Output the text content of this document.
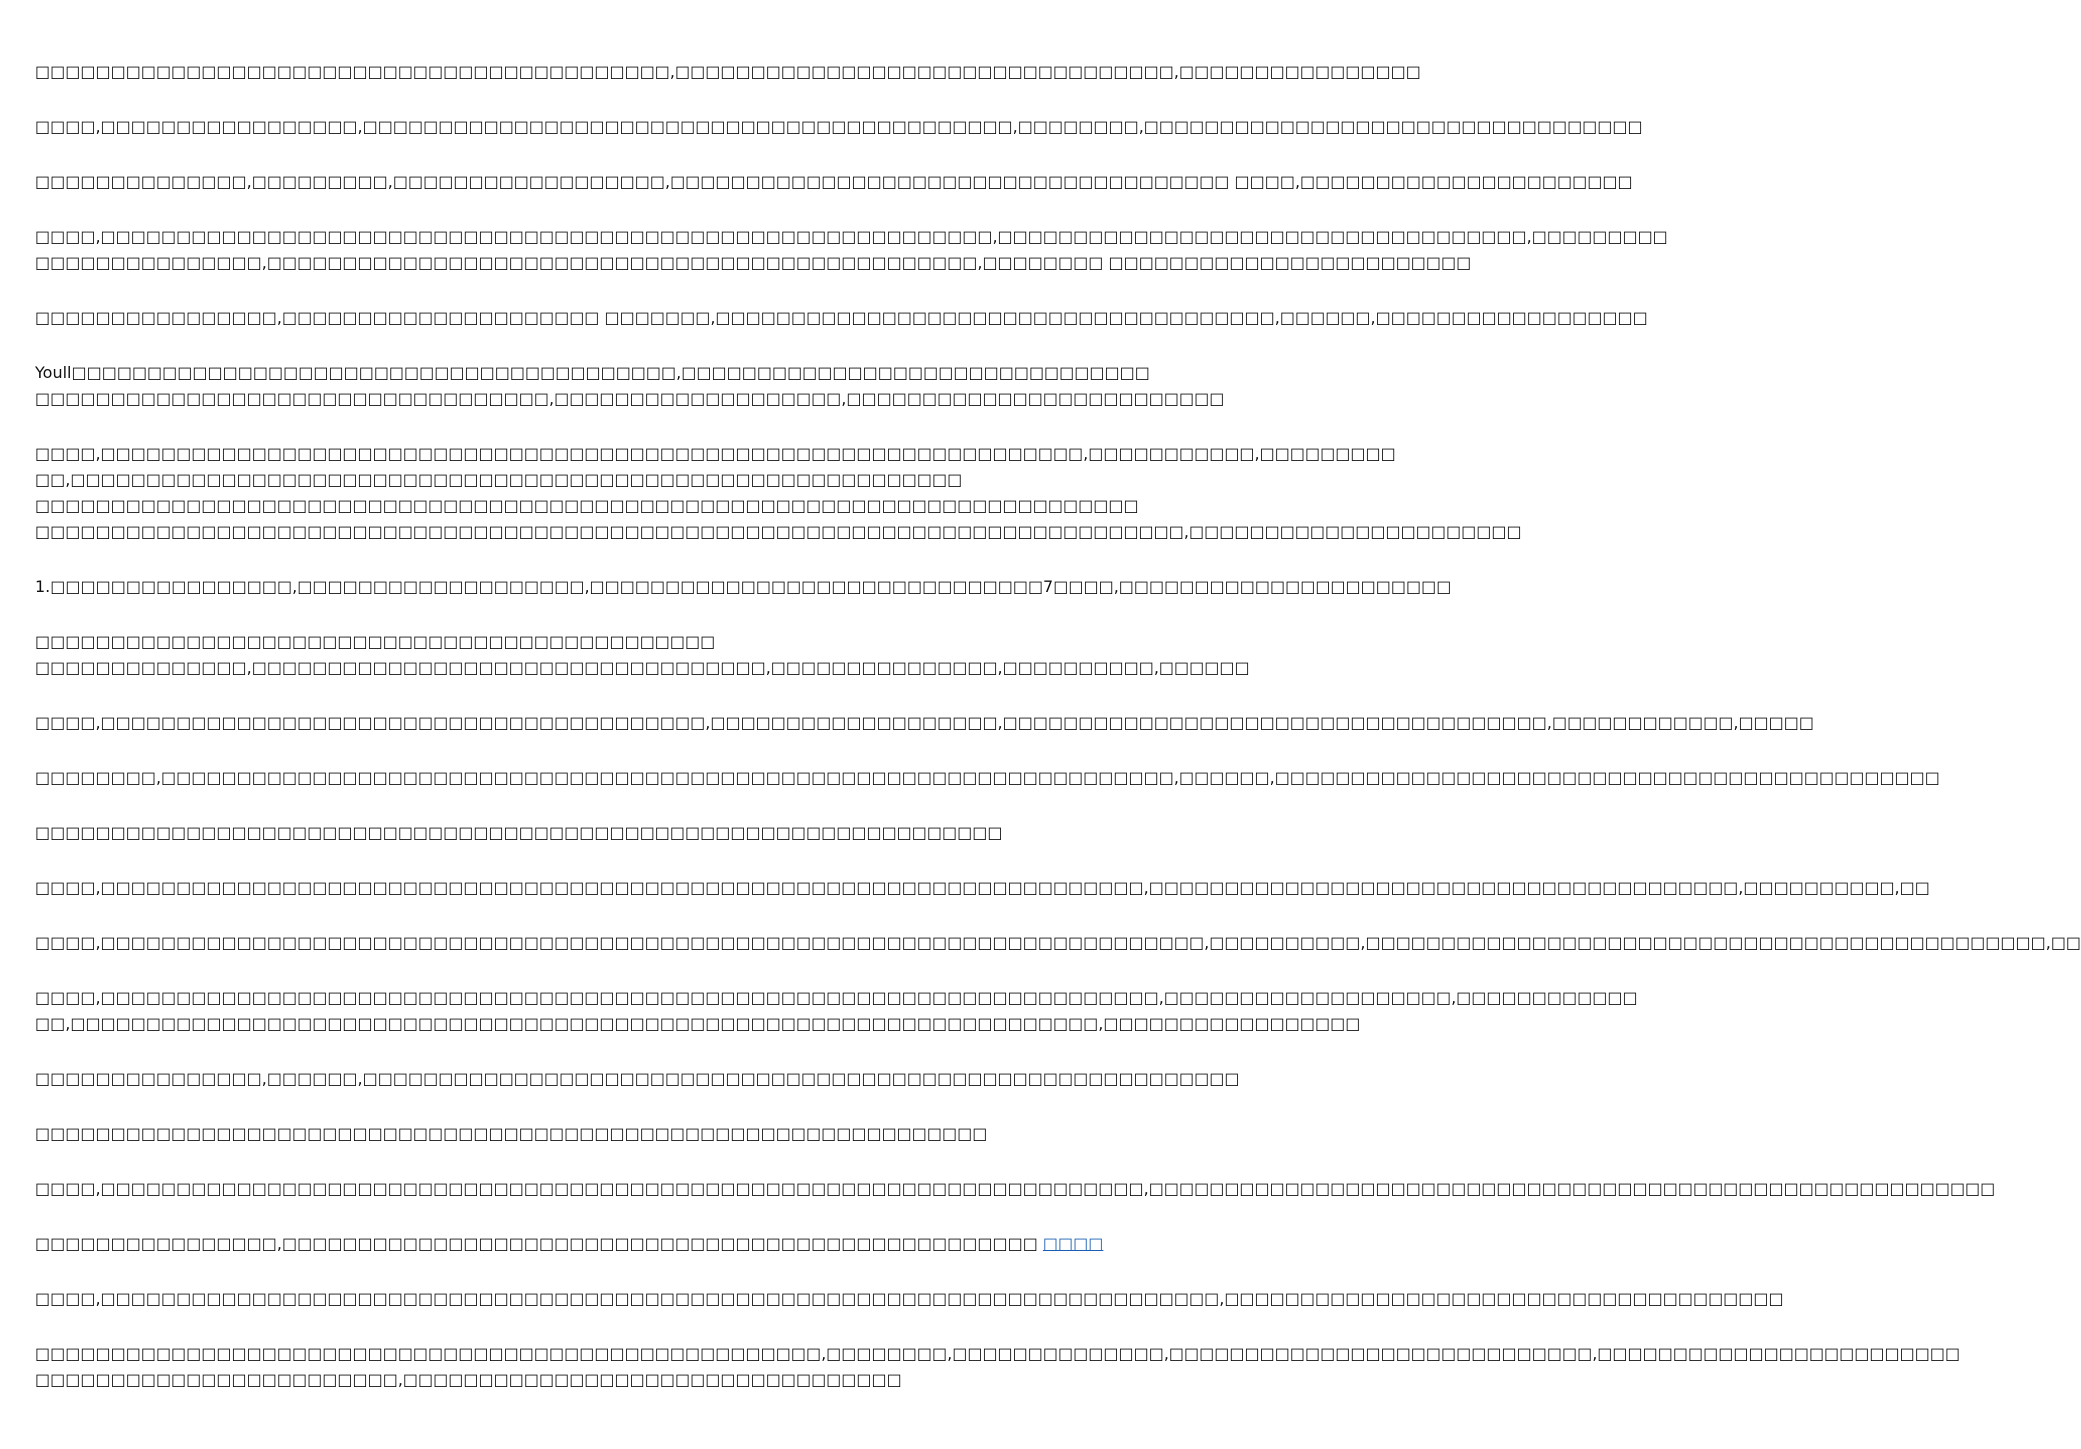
□□□□□□□□□□□□□□□□□□□□□□□□□□□□□□□□□□□□□□□□□□,□□□□□□□□□□□□□□□□□□□□□□□□□□□□□□□□□,□□□□□□□□□□□□□□□□

□□□□,□□□□□□□□□□□□□□□□□,□□□□□□□□□□□□□□□□□□□□□□□□□□□□□□□□□□□□□□□□□□□,□□□□□□□□,□□□□□□□□□□□□□□□□□□□□□□□□□□□□□□□□□

□□□□□□□□□□□□□□,□□□□□□□□□,□□□□□□□□□□□□□□□□□□,□□□□□□□□□□□□□□□□□□□□□□□□□□□□□□□□□□□□□ □□□□,□□□□□□□□□□□□□□□□□□□□□□

□□□□,□□□□□□□□□□□□□□□□□□□□□□□□□□□□□□□□□□□□□□□□□□□□□□□□□□□□□□□□□□□,□□□□□□□□□□□□□□□□□□□□□□□□□□□□□□□□□□□,□□□□□□□□□
□□□□□□□□□□□□□□□,□□□□□□□□□□□□□□□□□□□□□□□□□□□□□□□□□□□□□□□□□□□□□□□,□□□□□□□□ □□□□□□□□□□□□□□□□□□□□□□□□

□□□□□□□□□□□□□□□□,□□□□□□□□□□□□□□□□□□□□□ □□□□□□□,□□□□□□□□□□□□□□□□□□□□□□□□□□□□□□□□□□□□□,□□□□□□,□□□□□□□□□□□□□□□□□□

Youll□□□□□□□□□□□□□□□□□□□□□□□□□□□□□□□□□□□□□□□□,□□□□□□□□□□□□□□□□□□□□□□□□□□□□□□□
□□□□□□□□□□□□□□□□□□□□□□□□□□□□□□□□□□,□□□□□□□□□□□□□□□□□□□,□□□□□□□□□□□□□□□□□□□□□□□□□

□□□□,□□□□□□□□□□□□□□□□□□□□□□□□□□□□□□□□□□□□□□□□□□□□□□□□□□□□□□□□□□□□□□□□□,□□□□□□□□□□□,□□□□□□□□□
□□,□□□□□□□□□□□□□□□□□□□□□□□□□□□□□□□□□□□□□□□□□□□□□□□□□□□□□□□□□□□
□□□□□□□□□□□□□□□□□□□□□□□□□□□□□□□□□□□□□□□□□□□□□□□□□□□□□□□□□□□□□□□□□□□□□□□□□
□□□□□□□□□□□□□□□□□□□□□□□□□□□□□□□□□□□□□□□□□□□□□□□□□□□□□□□□□□□□□□□□□□□□□□□□□□□□,□□□□□□□□□□□□□□□□□□□□□□

1.□□□□□□□□□□□□□□□□,□□□□□□□□□□□□□□□□□□□,□□□□□□□□□□□□□□□□□□□□□□□□□□□□□□7□□□□,□□□□□□□□□□□□□□□□□□□□□□

□□□□□□□□□□□□□□□□□□□□□□□□□□□□□□□□□□□□□□□□□□□□□
□□□□□□□□□□□□□□,□□□□□□□□□□□□□□□□□□□□□□□□□□□□□□□□□□,□□□□□□□□□□□□□□□,□□□□□□□□□□,□□□□□□

□□□□,□□□□□□□□□□□□□□□□□□□□□□□□□□□□□□□□□□□□□□□□,□□□□□□□□□□□□□□□□□□□,□□□□□□□□□□□□□□□□□□□□□□□□□□□□□□□□□□□□,□□□□□□□□□□□□,□□□□□

□□□□□□□□,□□□□□□□□□□□□□□□□□□□□□□□□□□□□□□□□□□□□□□□□□□□□□□□□□□□□□□□□□□□□□□□□□□□,□□□□□□,□□□□□□□□□□□□□□□□□□□□□□□□□□□□□□□□□□□□□□□□□□□□

□□□□□□□□□□□□□□□□□□□□□□□□□□□□□□□□□□□□□□□□□□□□□□□□□□□□□□□□□□□□□□□□

□□□□,□□□□□□□□□□□□□□□□□□□□□□□□□□□□□□□□□□□□□□□□□□□□□□□□□□□□□□□□□□□□□□□□□□□□□,□□□□□□□□□□□□□□□□□□□□□□□□□□□□□□□□□□□□□□□,□□□□□□□□□□,□□

□□□□,□□□□□□□□□□□□□□□□□□□□□□□□□□□□□□□□□□□□□□□□□□□□□□□□□□□□□□□□□□□□□□□□□□□□□□□□□,□□□□□□□□□□,□□□□□□□□□□□□□□□□□□□□□□□□□□□□□□□□□□□□□□□□□□□□□,□□

□□□□,□□□□□□□□□□□□□□□□□□□□□□□□□□□□□□□□□□□□□□□□□□□□□□□□□□□□□□□□□□□□□□□□□□□□□□,□□□□□□□□□□□□□□□□□□□,□□□□□□□□□□□□
□□,□□□□□□□□□□□□□□□□□□□□□□□□□□□□□□□□□□□□□□□□□□□□□□□□□□□□□□□□□□□□□□□□□□□□,□□□□□□□□□□□□□□□□□

□□□□□□□□□□□□□□□,□□□□□□,□□□□□□□□□□□□□□□□□□□□□□□□□□□□□□□□□□□□□□□□□□□□□□□□□□□□□□□□□□

□□□□□□□□□□□□□□□□□□□□□□□□□□□□□□□□□□□□□□□□□□□□□□□□□□□□□□□□□□□□□□□

□□□□,□□□□□□□□□□□□□□□□□□□□□□□□□□□□□□□□□□□□□□□□□□□□□□□□□□□□□□□□□□□□□□□□□□□□□,□□□□□□□□□□□□□□□□□□□□□□□□□□□□□□□□□□□□□□□□□□□□□□□□□□□□□□□□

□□□□□□□□□□□□□□□□,□□□□□□□□□□□□□□□□□□□□□□□□□□□□□□□□□□□□□□□□□□□□□□□□□□ □□□□

□□□□,□□□□□□□□□□□□□□□□□□□□□□□□□□□□□□□□□□□□□□□□□□□□□□□□□□□□□□□□□□□□□□□□□□□□□□□□□□,□□□□□□□□□□□□□□□□□□□□□□□□□□□□□□□□□□□□□

□□□□□□□□□□□□□□□□□□□□□□□□□□□□□□□□□□□□□□□□□□□□□□□□□□□□,□□□□□□□□,□□□□□□□□□□□□□□,□□□□□□□□□□□□□□□□□□□□□□□□□□□□,□□□□□□□□□□□□□□□□□□□□□□□□
□□□□□□□□□□□□□□□□□□□□□□□□,□□□□□□□□□□□□□□□□□□□□□□□□□□□□□□□□□
